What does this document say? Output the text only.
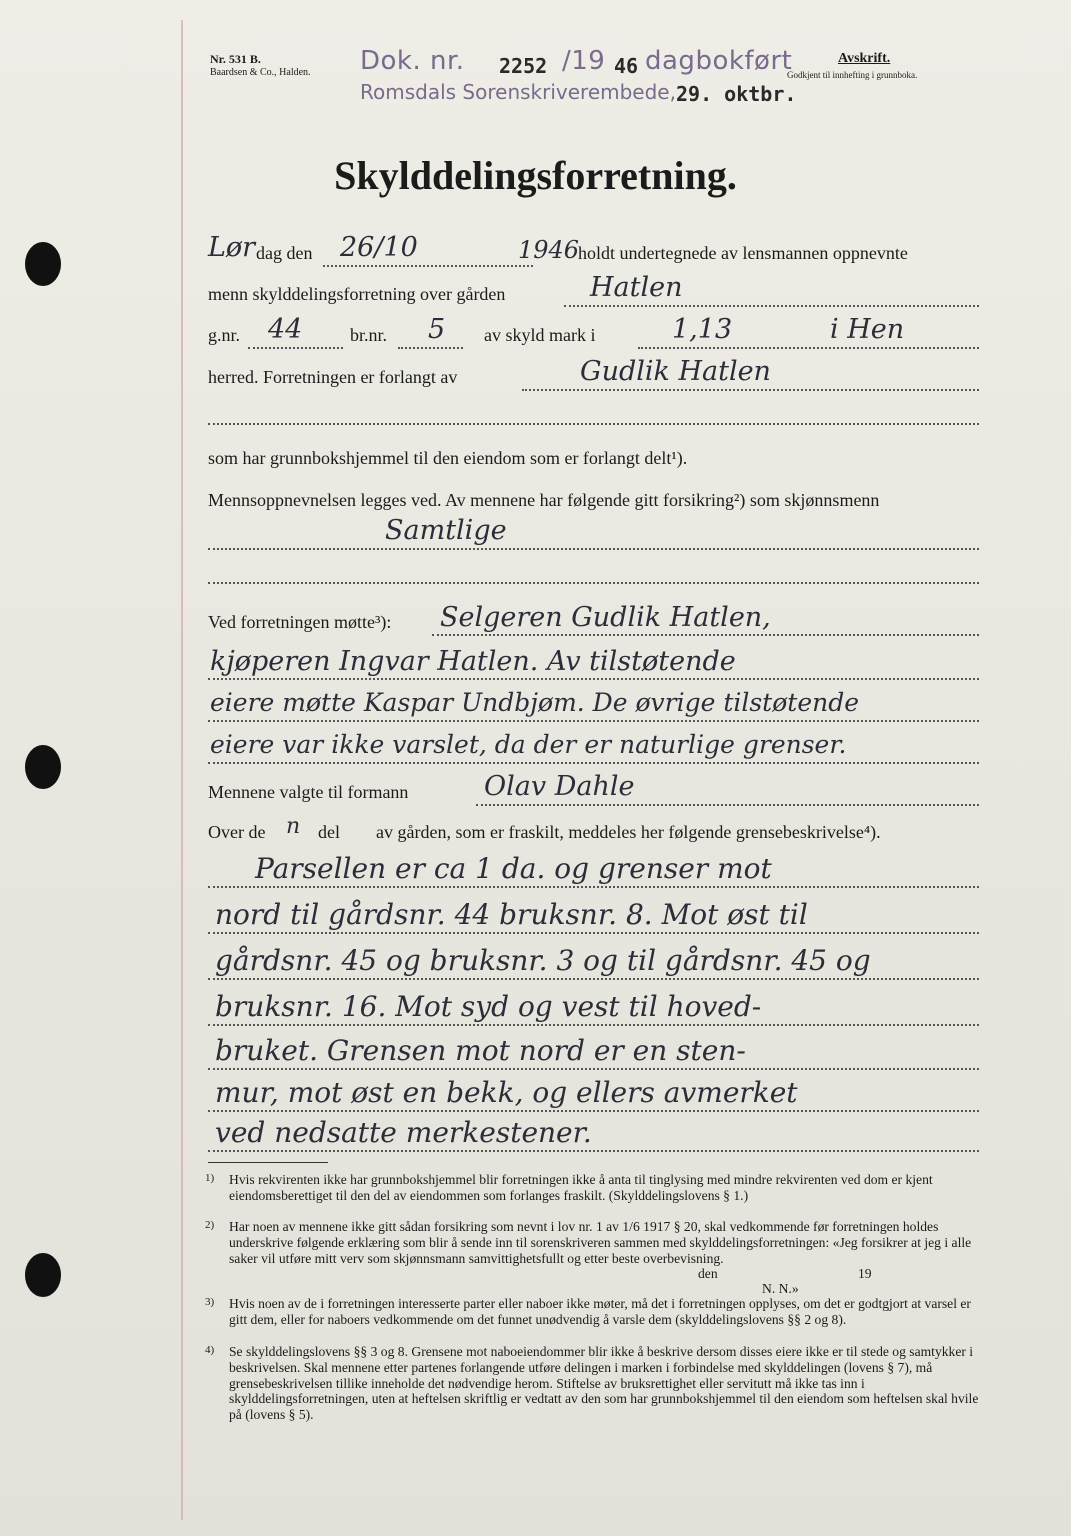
Nr. 531 B.
Baardsen & Co., Halden. Dok. nr. 2252 /19 46 dagbokført
Romsdals Sorenskriverembede, 29. oktbr.
Avskrift.
Godkjent til innhefting i grunnboka.
Skylddelingsforretning.
Lør dag den 26/10	1946
holdt undertegnede av lensmannen oppnevnte
menn skylddelingsforretning over gården	Hatlen
g.nr. 44	br.nr. 5 av skyld mark i	1,13	i Hen
herred. Forretningen er forlangt av	Gudlik Hatlen
som har grunnbokshjemmel til den eiendom som er forlangt delt¹).
Mennsoppnevnelsen legges ved. Av mennene har følgende gitt forsikring²) som skjønnsmenn
Samtlige
Ved forretningen møtte³): Selgeren Gudlik Hatlen,
kjøperen Ingvar Hatlen. Av tilstøtende
eiere møtte Kaspar Undbjøm. De øvrige tilstøtende
eiere var ikke varslet, da der er naturlige grenser.
Mennene valgte til formann	Olav Dahle
Over de n del av gården, som er fraskilt, meddeles her følgende grensebeskrivelse⁴).
Parsellen er ca 1 da. og grenser mot
nord til gårdsnr. 44 bruksnr. 8. Mot øst til
gårdsnr. 45 og bruksnr. 3 og til gårdsnr. 45 og
bruksnr. 16. Mot syd og vest til hoved-
bruket. Grensen mot nord er en sten-
mur, mot øst en bekk, og ellers avmerket
ved nedsatte merkestener.
1) Hvis rekvirenten ikke har grunnbokshjemmel blir forretningen ikke å anta til tinglysing med mindre rekvirenten ved dom er kjent eiendomsberettiget til den del av eiendommen som forlanges fraskilt. (Skylddelingslovens § 1.)
2) Har noen av mennene ikke gitt sådan forsikring som nevnt i lov nr. 1 av 1/6 1917 § 20, skal vedkommende før forretningen holdes underskrive følgende erklæring som blir å sende inn til sorenskriveren sammen med skylddelingsforretningen: «Jeg forsikrer at jeg i alle saker vil utføre mitt verv som skjønnsmann samvittighetsfullt og etter beste overbevisning.
den	19
N. N.»
3) Hvis noen av de i forretningen interesserte parter eller naboer ikke møter, må det i forretningen opplyses, om det er godtgjort at varsel er gitt dem, eller for naboers vedkommende om det funnet unødvendig å varsle dem (skylddelingslovens §§ 2 og 8).
4) Se skylddelingslovens §§ 3 og 8. Grensene mot naboeiendommer blir ikke å beskrive dersom disses eiere ikke er til stede og samtykker i beskrivelsen. Skal mennene etter partenes forlangende utføre delingen i marken i forbindelse med skylddelingen (lovens § 7), må grensebeskrivelsen tillike inneholde det nødvendige herom. Stiftelse av bruksrettighet eller servitutt må ikke tas inn i skylddelingsforretningen, uten at heftelsen skriftlig er vedtatt av den som har grunnbokshjemmel til den eiendom som heftelsen skal hvile på (lovens § 5).
